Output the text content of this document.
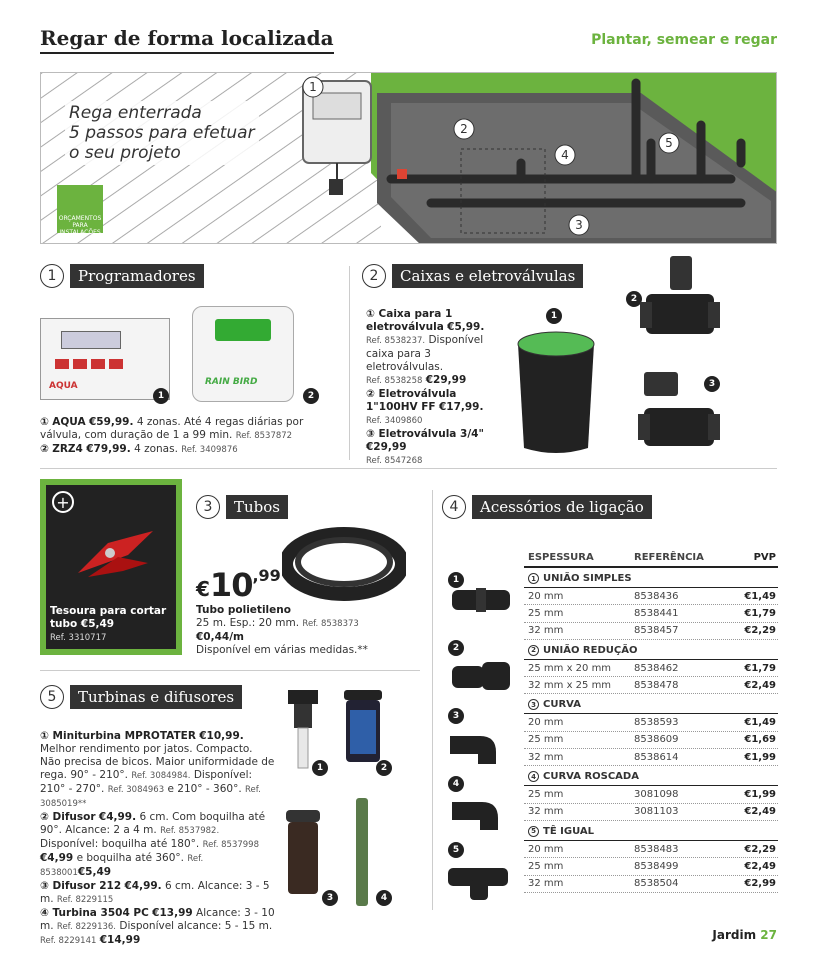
Regar de forma localizada	Plantar, semear e regar
1
2
3
4
5
Rega enterrada
5 passos para efetuar
o seu projeto
ORÇAMENTOS PARA INSTALAÇÕES
1	Programadores
AQUA
1
RAIN BIRD
2
① AQUA €59,99. 4 zonas. Até 4 regas diárias por válvula, com duração de 1 a 99 min. Ref. 8537872
② ZRZ4 €79,99. 4 zonas. Ref. 3409876
2	Caixas e eletroválvulas
① Caixa para 1 eletroválvula €5,99.
Ref. 8538237. Disponível caixa para 3 eletroválvulas.
Ref. 8538258 €29,99
② Eletroválvula 1"100HV FF €17,99.
Ref. 3409860
③ Eletroválvula 3/4" €29,99
Ref. 8547268
1
2
3
+
Tesoura para cortar tubo €5,49
Ref. 3310717
3	Tubos
€10,99
Tubo polietileno
25 m. Esp.: 20 mm. Ref. 8538373 €0,44/m
Disponível em várias medidas.**
4	Acessórios de ligação
1
2
3
4
5
ESPESSURA	REFERÊNCIA	PVP
1 UNIÃO SIMPLES
20 mm	8538436	€1,49
25 mm	8538441	€1,79
32 mm	8538457	€2,29
2 UNIÃO REDUÇÃO
25 mm x 20 mm	8538462	€1,79
32 mm x 25 mm	8538478	€2,49
3 CURVA
20 mm	8538593	€1,49
25 mm	8538609	€1,69
32 mm	8538614	€1,99
4 CURVA ROSCADA
25 mm	3081098	€1,99
32 mm	3081103	€2,49
5 TÊ IGUAL
20 mm	8538483	€2,29
25 mm	8538499	€2,49
32 mm	8538504	€2,99
5	Turbinas e difusores
1	2
3	4
① Miniturbina MPROTATER €10,99.
Melhor rendimento por jatos. Compacto. Não precisa de bicos. Maior uniformidade de rega. 90° - 210°. Ref. 3084984. Disponível: 210° - 270°. Ref. 3084963 e 210° - 360°. Ref. 3085019**
② Difusor €4,99. 6 cm. Com boquilha até 90°. Alcance: 2 a 4 m. Ref. 8537982. Disponível: boquilha até 180°. Ref. 8537998 €4,99 e boquilha até 360°. Ref. 8538001€5,49
③ Difusor 212 €4,99. 6 cm. Alcance: 3 - 5 m. Ref. 8229115
④ Turbina 3504 PC €13,99 Alcance: 3 - 10 m. Ref. 8229136. Disponível alcance: 5 - 15 m. Ref. 8229141 €14,99	Jardim 27
